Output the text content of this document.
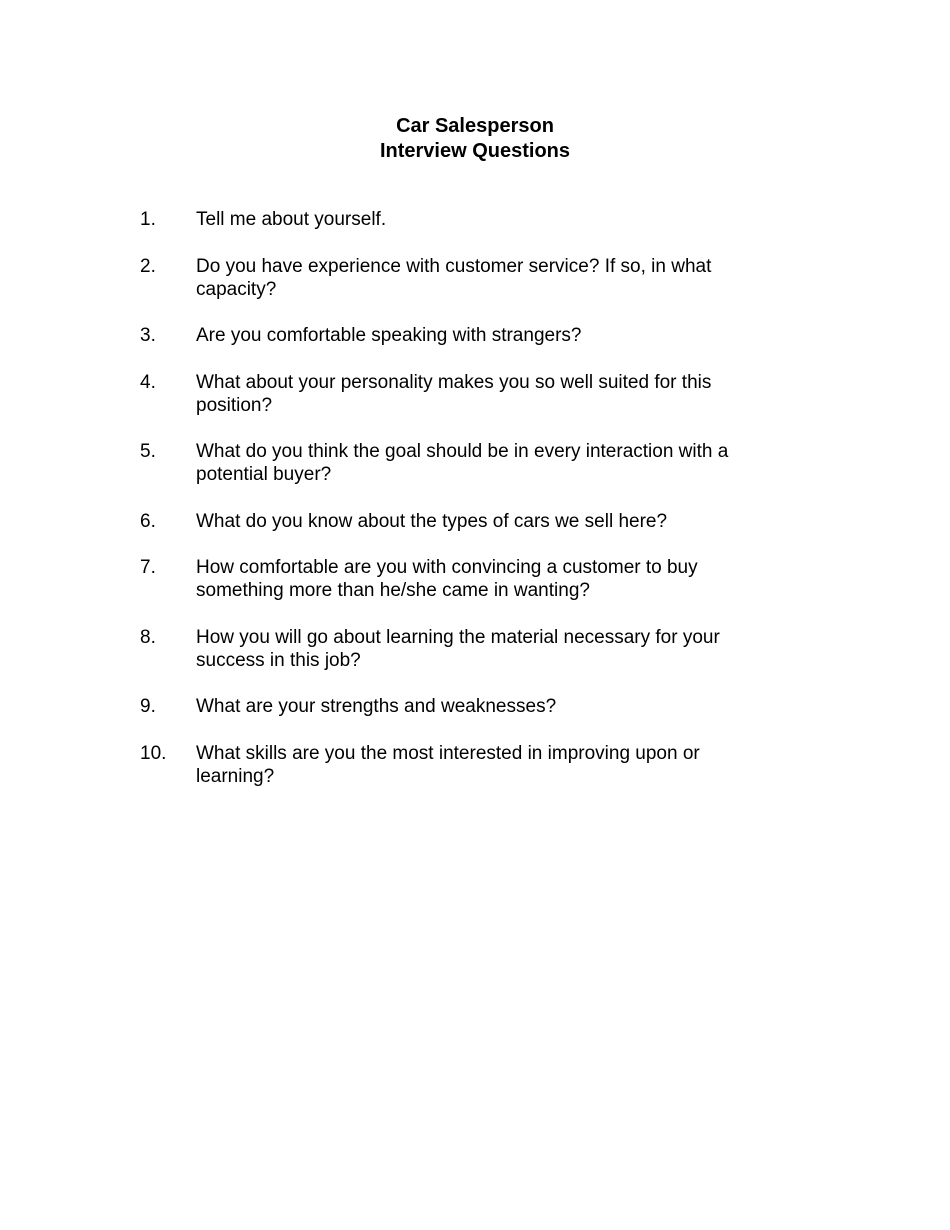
Car Salesperson
Interview Questions
1.	Tell me about yourself.
2.	Do you have experience with customer service? If so, in what capacity?
3.	Are you comfortable speaking with strangers?
4.	What about your personality makes you so well suited for this position?
5.	What do you think the goal should be in every interaction with a potential buyer?
6.	What do you know about the types of cars we sell here?
7.	How comfortable are you with convincing a customer to buy something more than he/she came in wanting?
8.	How you will go about learning the material necessary for your success in this job?
9.	What are your strengths and weaknesses?
10.	What skills are you the most interested in improving upon or learning?
